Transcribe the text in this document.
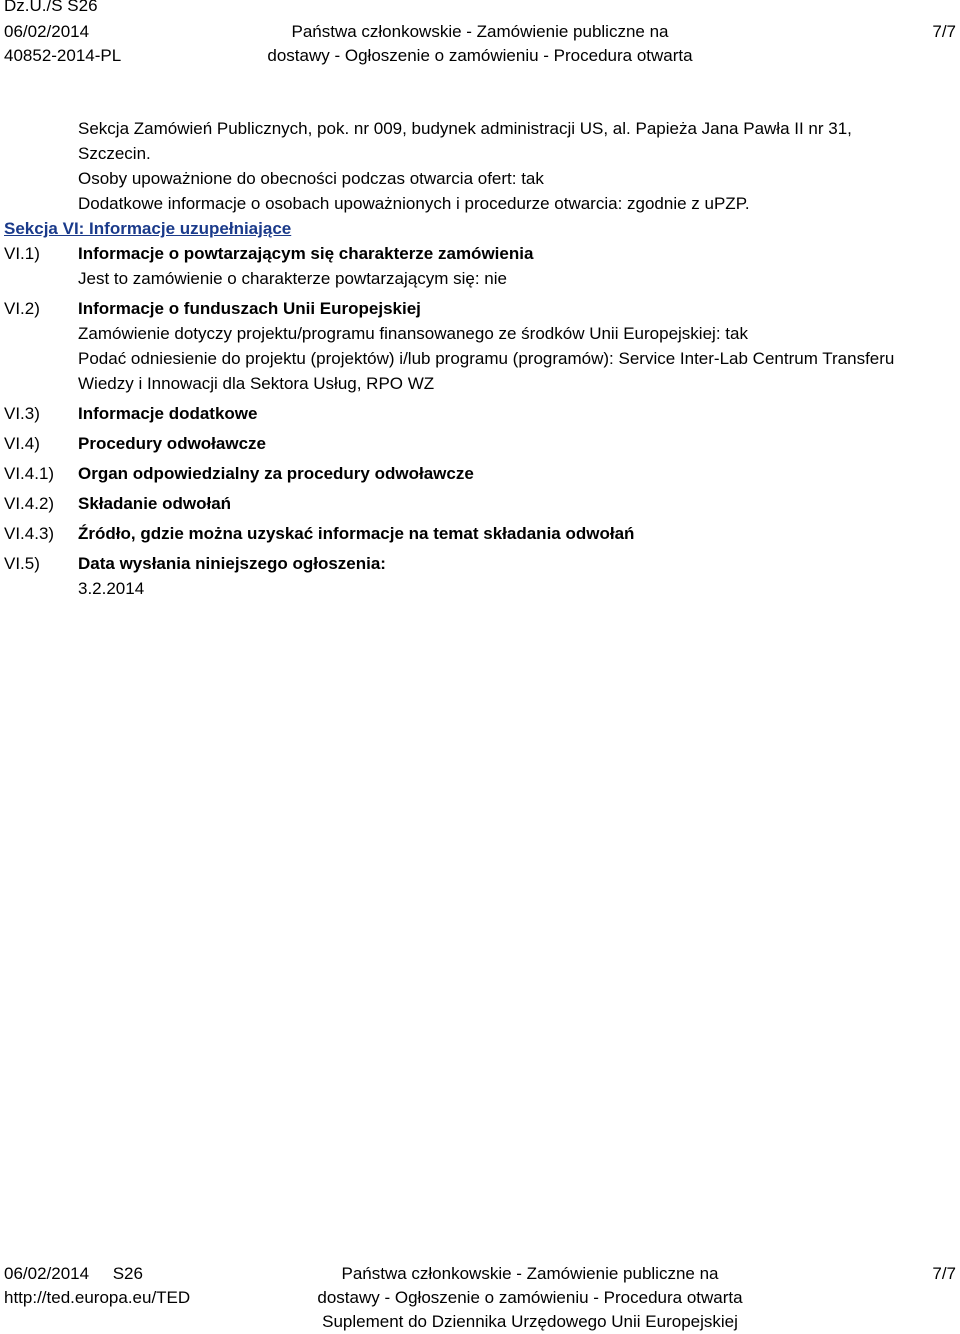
Dz.U./S S26
06/02/2014
40852-2014-PL
Państwa członkowskie - Zamówienie publiczne na
dostawy - Ogłoszenie o zamówieniu - Procedura otwarta
7/7
Sekcja Zamówień Publicznych, pok. nr 009, budynek administracji US, al. Papieża Jana Pawła II nr 31,
Szczecin.
Osoby upoważnione do obecności podczas otwarcia ofert: tak
Dodatkowe informacje o osobach upoważnionych i procedurze otwarcia: zgodnie z uPZP.
Sekcja VI: Informacje uzupełniające
VI.1)	Informacje o powtarzającym się charakterze zamówienia
Jest to zamówienie o charakterze powtarzającym się: nie
VI.2)	Informacje o funduszach Unii Europejskiej
Zamówienie dotyczy projektu/programu finansowanego ze środków Unii Europejskiej: tak
Podać odniesienie do projektu (projektów) i/lub programu (programów): Service Inter-Lab Centrum Transferu
Wiedzy i Innowacji dla Sektora Usług, RPO WZ
VI.3)	Informacje dodatkowe
VI.4)	Procedury odwoławcze
VI.4.1)	Organ odpowiedzialny za procedury odwoławcze
VI.4.2)	Składanie odwołań
VI.4.3)	Źródło, gdzie można uzyskać informacje na temat składania odwołań
VI.5)	Data wysłania niniejszego ogłoszenia:
3.2.2014
06/02/2014 S26
http://ted.europa.eu/TED
Państwa członkowskie - Zamówienie publiczne na
dostawy - Ogłoszenie o zamówieniu - Procedura otwarta
Suplement do Dziennika Urzędowego Unii Europejskiej
7/7
